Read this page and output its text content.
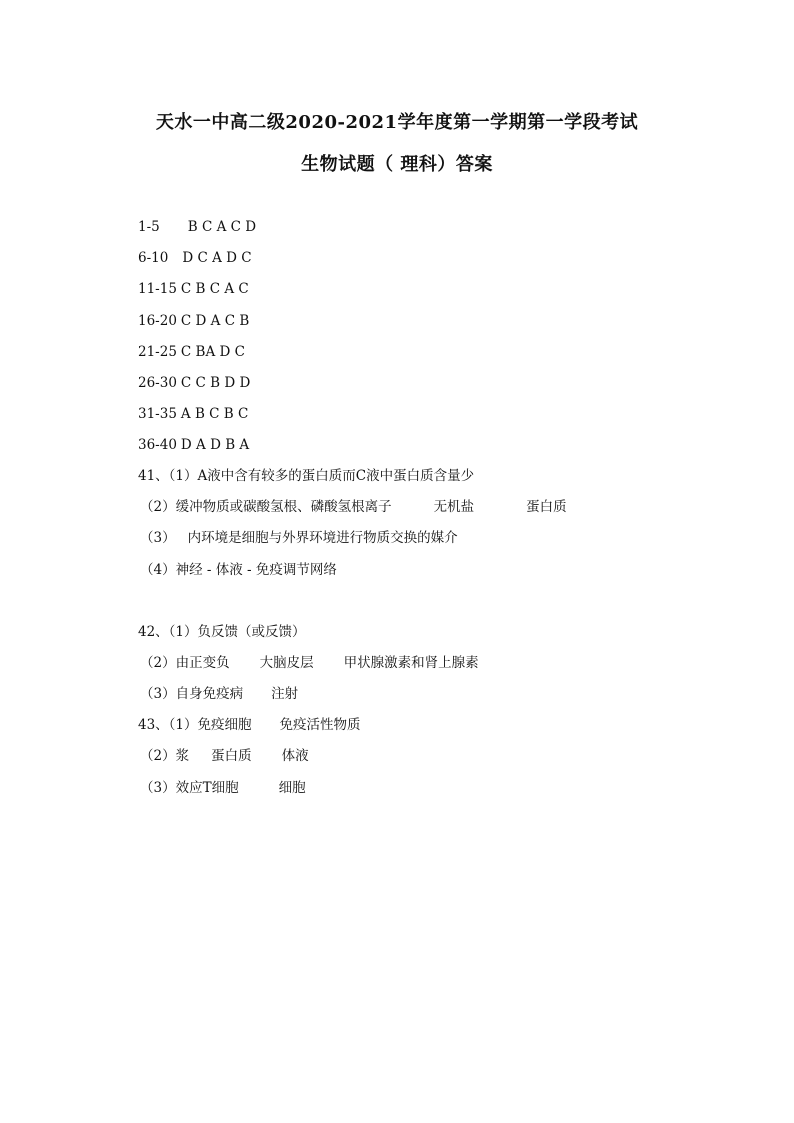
天水一中高二级2020-2021学年度第一学期第一学段考试
生物试题（ 理科）答案
1-5 B C A C D
6-10 D C A D C
11-15 C B C A C
16-20 C D A C B
21-25 C BA D C
26-30 C C B D D
31-35 A B C B C
36-40 D A D B A
41、（1）A液中含有较多的蛋白质而C液中蛋白质含量少
（2）缓冲物质或碳酸氢根、磷酸氢根离子	无机盐	蛋白质
（3） 内环境是细胞与外界环境进行物质交换的媒介
（4）神经 - 体液 - 免疫调节网络
42、（1）负反馈（或反馈）
（2）由正变负 大脑皮层 甲状腺激素和肾上腺素
（3）自身免疫病 注射
43、（1）免疫细胞 免疫活性物质
（2）浆 蛋白质 体液
（3）效应T细胞	细胞
